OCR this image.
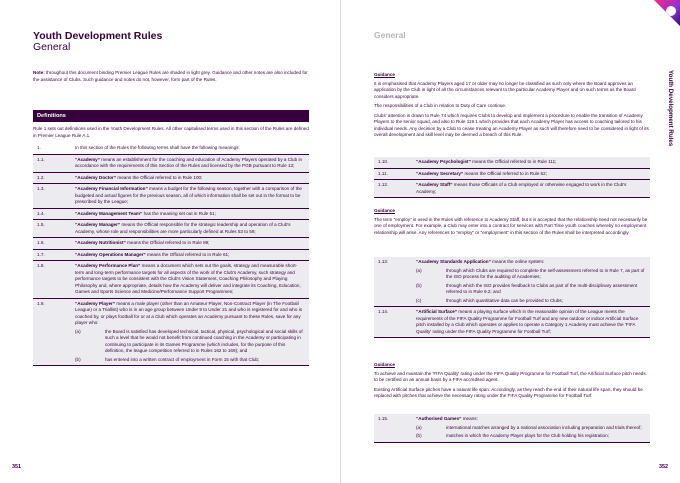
Youth Development Rules
General
Note: throughout this document binding Premier League Rules are shaded in light grey. Guidance and other notes are also included for the assistance of Clubs. Such guidance and notes do not, however, form part of the Rules.
Definitions
Rule 1 sets out definitions used in the Youth Development Rules. All other capitalised terms used in this section of the Rules are defined in Premier League Rule A.1.
1.	In this section of the Rules the following terms shall have the following meanings:
1.1.	“Academy” means an establishment for the coaching and education of Academy Players operated by a Club in accordance with the requirements of this Section of the Rules and licensed by the PGB pursuant to Rule 13;
1.2.	“Academy Doctor” means the Official referred to in Rule 100;
1.3.	“Academy Financial Information” means a budget for the following season, together with a comparison of the budgeted and actual figures for the previous season, all of which information shall be set out in the format to be prescribed by the League;
1.4.	“Academy Management Team” has the meaning set out in Rule 51;
1.5.	“Academy Manager” means the Official responsible for the strategic leadership and operation of a Club's Academy, whose role and responsibilities are more particularly defined at Rules 53 to 59;
1.6.	“Academy Nutritionist” means the Official referred to in Rule 89;
1.7.	“Academy Operations Manager” means the Official referred to in Rule 61;
1.8.	“Academy Performance Plan” means a document which sets out the goals, strategy and measurable short-term and long-term performance targets for all aspects of the work of the Club's Academy, such strategy and performance targets to be consistent with the Club's Vision Statement, Coaching Philosophy and Playing Philosophy and, where appropriate, details how the Academy will deliver and integrate its Coaching, Education, Games and Sports Science and Medicine/Performance Support Programmes;
1.9.	“Academy Player” means a male player (other than an Amateur Player, Non-Contract Player (in The Football League) or a Triallist) who is in an age group between Under 9 to Under 21 and who is registered for and who is coached by, or plays football for or at a Club which operates an Academy pursuant to these Rules, save for any player who:
(a)	the Board is satisfied has developed technical, tactical, physical, psychological and social skills of such a level that he would not benefit from continued coaching in the Academy or participating in continuing to participate in its Games Programme (which includes, for the purpose of this definition, the league competition referred to in Rules 162 to 169); and
(b)	has entered into a written contract of employment in Form 15 with that Club;
351
General
Youth Development Rules
Guidance
It is emphasised that Academy Players aged 17 or older may no longer be classified as such only where the Board approves an application by the Club in light of all the circumstances relevant to the particular Academy Player and on such terms as the Board considers appropriate.
The responsibilities of a Club in relation to Duty of Care continue.
Clubs' attention is drawn to Rule 74 which requires Clubs to develop and implement a procedure to enable the transition of Academy Players to the senior squad, and also to Rule 119.1 which provides that each Academy Player has access to coaching tailored to his individual needs. Any decision by a Club to cease treating an Academy Player as such will therefore need to be considered in light of its overall development and skill level may be deemed a breach of this Rule.
1.10.	“Academy Psychologist” means the Official referred to in Rule 111;
1.11.	“Academy Secretary” means the Official referred to in Rule 62;
1.12.	“Academy Staff” means those Officials of a Club employed or otherwise engaged to work in the Club's Academy;
Guidance
The term "employ" is used in the Rules with reference to Academy Staff, but it is accepted that the relationship need not necessarily be one of employment. For example, a Club may enter into a contract for services with Part Time youth coaches whereby no employment relationship will arise. Any references to "employ" or "employment" in this section of the Rules shall be interpreted accordingly.
1.13.	“Academy Standards Application” means the online system:
(a)	through which Clubs are required to complete the self-assessment referred to in Rule 7, as part of the ISO process for the auditing of Academies;
(b)	through which the ISO provides feedback to Clubs as part of the multi-disciplinary assessment referred to in Rule 9.2; and
(c)	through which quantitative data can be provided to Clubs;
1.14.	“Artificial Surface” means a playing surface which in the reasonable opinion of the League meets the requirements of the FIFA Quality Programme for Football Turf and any new outdoor or indoor Artificial Surface pitch installed by a Club which operates or applies to operate a Category 1 Academy must achieve the 'FIFA Quality' rating under the FIFA Quality Programme for Football Turf;
Guidance
To achieve and maintain the 'FIFA Quality' rating under the FIFA Quality Programme for Football Turf, the Artificial Surface pitch needs to be certified on an annual basis by a FIFA accredited agent.
Existing Artificial Surface pitches have a natural life span. Accordingly, as they reach the end of their natural life span, they should be replaced with pitches that achieve the necessary rating under the FIFA Quality Programme for Football Turf.
1.15.	“Authorised Games” means:
(a)	international matches arranged by a national association including preparation and trials thereof;
(b)	matches in which the Academy Player plays for the Club holding his registration;
352
